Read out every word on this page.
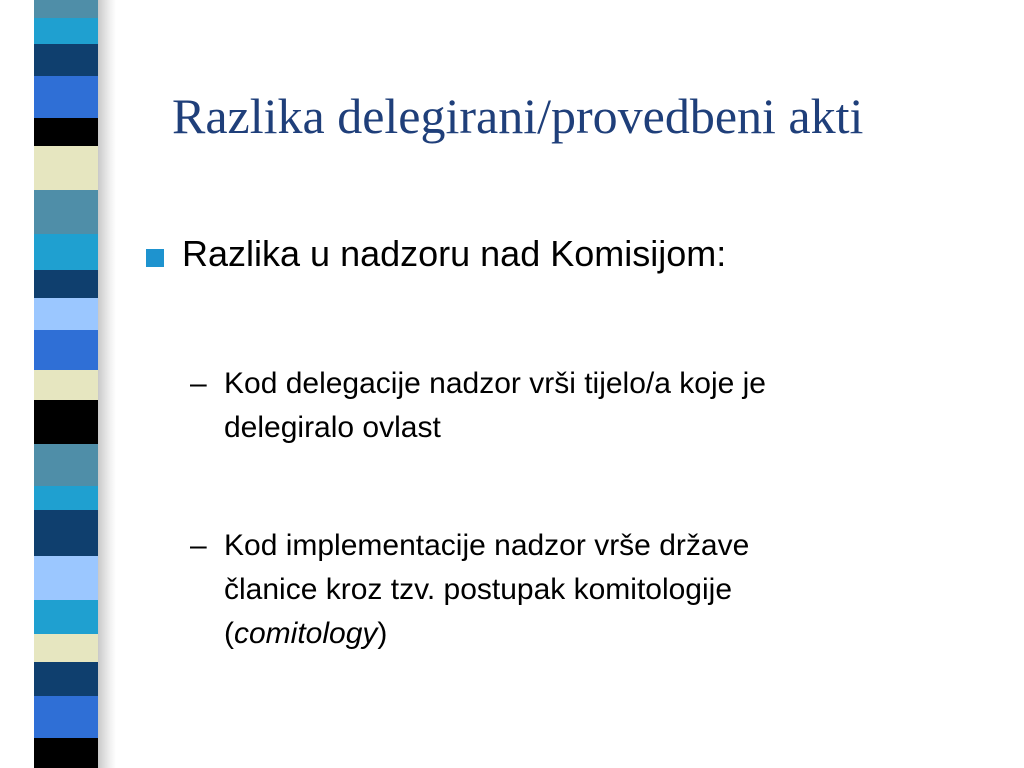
Razlika delegirani/provedbeni akti
Razlika u nadzoru nad Komisijom:
– Kod delegacije nadzor vrši tijelo/a koje je
delegiralo ovlast
– Kod implementacije nadzor vrše države
članice kroz tzv. postupak komitologije
(comitology)
